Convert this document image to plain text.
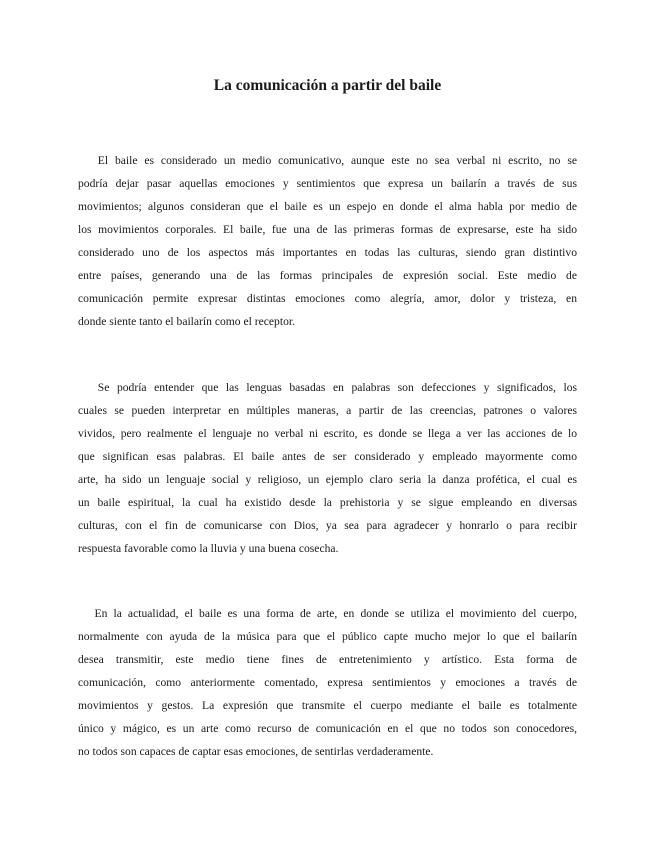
La comunicación a partir del baile
El baile es considerado un medio comunicativo, aunque este no sea verbal ni escrito, no se
podría dejar pasar aquellas emociones y sentimientos que expresa un bailarín a través de sus
movimientos; algunos consideran que el baile es un espejo en donde el alma habla por medio de
los movimientos corporales. El baile, fue una de las primeras formas de expresarse, este ha sido
considerado uno de los aspectos más importantes en todas las culturas, siendo gran distintivo
entre países, generando una de las formas principales de expresión social. Este medio de
comunicación permite expresar distintas emociones como alegría, amor, dolor y tristeza, en
donde siente tanto el bailarín como el receptor.
Se podría entender que las lenguas basadas en palabras son defecciones y significados, los
cuales se pueden interpretar en múltiples maneras, a partir de las creencias, patrones o valores
vividos, pero realmente el lenguaje no verbal ni escrito, es donde se llega a ver las acciones de lo
que significan esas palabras. El baile antes de ser considerado y empleado mayormente como
arte, ha sido un lenguaje social y religioso, un ejemplo claro seria la danza profética, el cual es
un baile espiritual, la cual ha existido desde la prehistoria y se sigue empleando en diversas
culturas, con el fin de comunicarse con Dios, ya sea para agradecer y honrarlo o para recibir
respuesta favorable como la lluvia y una buena cosecha.
En la actualidad, el baile es una forma de arte, en donde se utiliza el movimiento del cuerpo,
normalmente con ayuda de la música para que el público capte mucho mejor lo que el bailarín
desea transmitir, este medio tiene fines de entretenimiento y artístico. Esta forma de
comunicación, como anteriormente comentado, expresa sentimientos y emociones a través de
movimientos y gestos. La expresión que transmite el cuerpo mediante el baile es totalmente
único y mágico, es un arte como recurso de comunicación en el que no todos son conocedores,
no todos son capaces de captar esas emociones, de sentirlas verdaderamente.
